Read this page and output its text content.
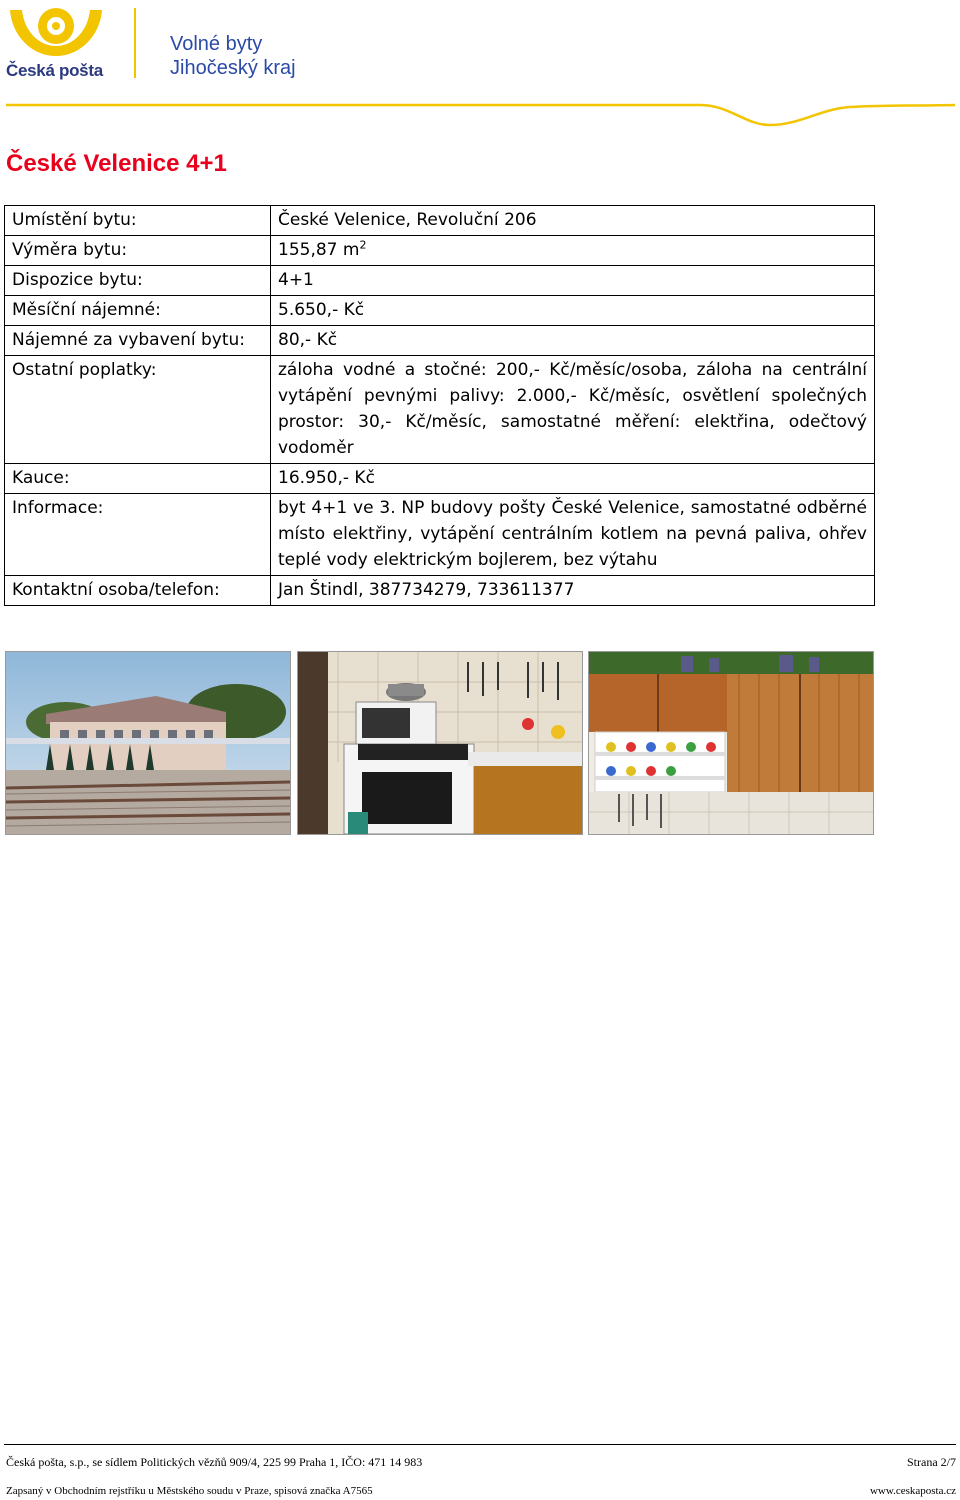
Česká pošta
Volné byty
Jihočeský kraj
České Velenice 4+1
Umístění bytu:	České Velenice, Revoluční 206
Výměra bytu:	155,87 $m^2$
Dispozice bytu:	4+1
Měsíční nájemné:	5.650,- Kč
Nájemné za vybavení bytu:	80,- Kč
Ostatní poplatky:	záloha vodné a stočné: 200,- Kč/měsíc/osoba, záloha na centrální vytápění pevnými palivy: 2.000,- Kč/měsíc, osvětlení společných prostor: 30,- Kč/měsíc, samostatné měření: elektřina, odečtový vodoměr
Kauce:	16.950,- Kč
Informace:	byt 4+1 ve 3. NP budovy pošty České Velenice, samostatné odběrné místo elektřiny, vytápění centrálním kotlem na pevná paliva, ohřev teplé vody elektrickým bojlerem, bez výtahu
Kontaktní osoba/telefon:	Jan Štindl, 387734279, 733611377
Česká pošta, s.p., se sídlem Politických vězňů 909/4, 225 99 Praha 1, IČO: 471 14 983	Strana 2/7
Zapsaný v Obchodním rejstříku u Městského soudu v Praze, spisová značka A7565	www.ceskaposta.cz
